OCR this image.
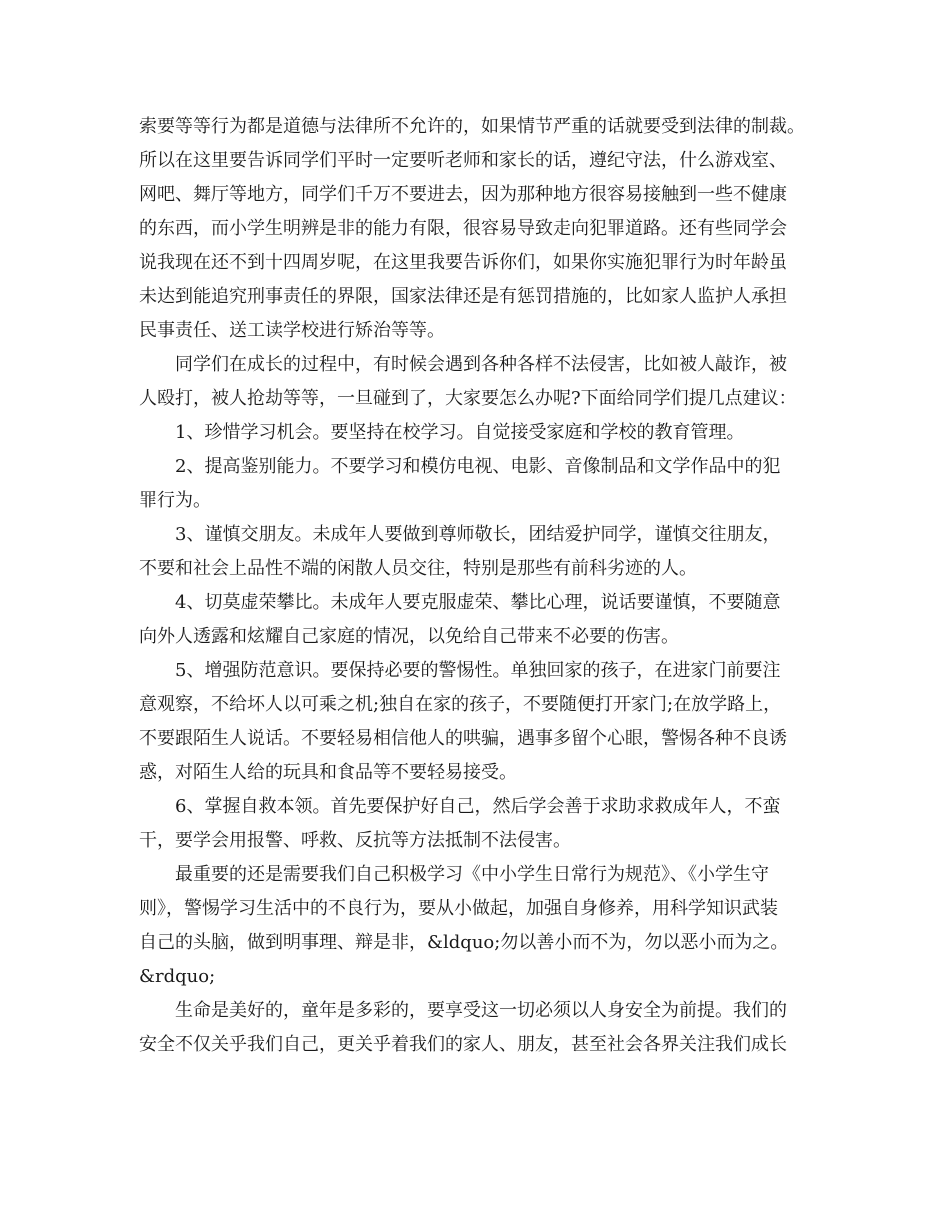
索要等等行为都是道德与法律所不允许的，如果情节严重的话就要受到法律的制裁。
所以在这里要告诉同学们平时一定要听老师和家长的话，遵纪守法，什么游戏室、
网吧、舞厅等地方，同学们千万不要进去，因为那种地方很容易接触到一些不健康
的东西，而小学生明辨是非的能力有限，很容易导致走向犯罪道路。还有些同学会
说我现在还不到十四周岁呢，在这里我要告诉你们，如果你实施犯罪行为时年龄虽
未达到能追究刑事责任的界限，国家法律还是有惩罚措施的，比如家人监护人承担
民事责任、送工读学校进行矫治等等。
同学们在成长的过程中，有时候会遇到各种各样不法侵害，比如被人敲诈，被
人殴打，被人抢劫等等，一旦碰到了，大家要怎么办呢?下面给同学们提几点建议：
1、珍惜学习机会。要坚持在校学习。自觉接受家庭和学校的教育管理。
2、提高鉴别能力。不要学习和模仿电视、电影、音像制品和文学作品中的犯
罪行为。
3、谨慎交朋友。未成年人要做到尊师敬长，团结爱护同学，谨慎交往朋友，
不要和社会上品性不端的闲散人员交往，特别是那些有前科劣迹的人。
4、切莫虚荣攀比。未成年人要克服虚荣、攀比心理，说话要谨慎，不要随意
向外人透露和炫耀自己家庭的情况，以免给自己带来不必要的伤害。
5、增强防范意识。要保持必要的警惕性。单独回家的孩子，在进家门前要注
意观察，不给坏人以可乘之机;独自在家的孩子，不要随便打开家门;在放学路上，
不要跟陌生人说话。不要轻易相信他人的哄骗，遇事多留个心眼，警惕各种不良诱
惑，对陌生人给的玩具和食品等不要轻易接受。
6、掌握自救本领。首先要保护好自己，然后学会善于求助求救成年人，不蛮
干，要学会用报警、呼救、反抗等方法抵制不法侵害。
最重要的还是需要我们自己积极学习《中小学生日常行为规范》、《小学生守
则》，警惕学习生活中的不良行为，要从小做起，加强自身修养，用科学知识武装
自己的头脑，做到明事理、辩是非，&ldquo;勿以善小而不为，勿以恶小而为之。
&rdquo;
生命是美好的，童年是多彩的，要享受这一切必须以人身安全为前提。我们的
安全不仅关乎我们自己，更关乎着我们的家人、朋友，甚至社会各界关注我们成长
